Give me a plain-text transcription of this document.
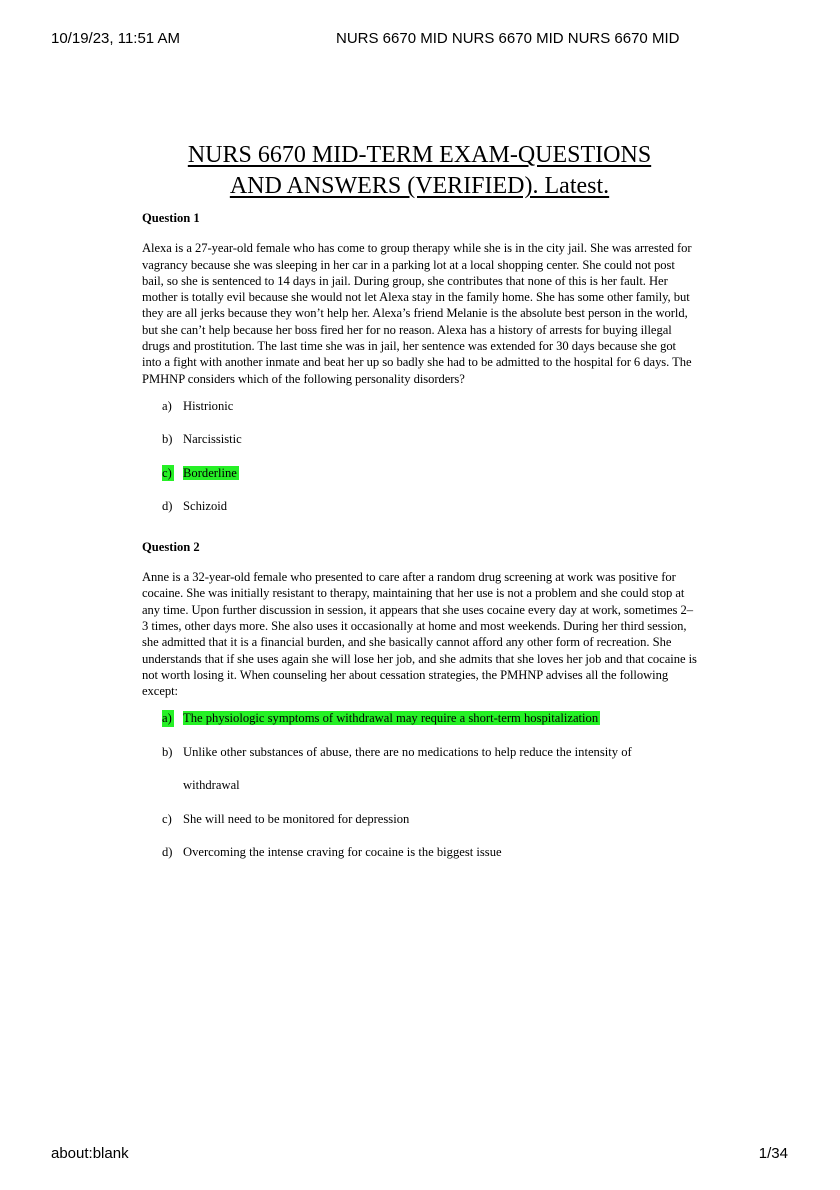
10/19/23, 11:51 AM	NURS 6670 MID NURS 6670 MID NURS 6670 MID
NURS 6670 MID-TERM EXAM-QUESTIONS
AND ANSWERS (VERIFIED). Latest.
Question 1
Alexa is a 27-year-old female who has come to group therapy while she is in the city jail. She was arrested for vagrancy because she was sleeping in her car in a parking lot at a local shopping center. She could not post bail, so she is sentenced to 14 days in jail. During group, she contributes that none of this is her fault. Her mother is totally evil because she would not let Alexa stay in the family home. She has some other family, but they are all jerks because they won’t help her. Alexa’s friend Melanie is the absolute best person in the world, but she can’t help because her boss fired her for no reason. Alexa has a history of arrests for buying illegal drugs and prostitution. The last time she was in jail, her sentence was extended for 30 days because she got into a fight with another inmate and beat her up so badly she had to be admitted to the hospital for 6 days. The PMHNP considers which of the following personality disorders?
a) Histrionic
b) Narcissistic
c) Borderline
d) Schizoid
Question 2
Anne is a 32-year-old female who presented to care after a random drug screening at work was positive for cocaine. She was initially resistant to therapy, maintaining that her use is not a problem and she could stop at any time. Upon further discussion in session, it appears that she uses cocaine every day at work, sometimes 2–3 times, other days more. She also uses it occasionally at home and most weekends. During her third session, she admitted that it is a financial burden, and she basically cannot afford any other form of recreation. She understands that if she uses again she will lose her job, and she admits that she loves her job and that cocaine is not worth losing it. When counseling her about cessation strategies, the PMHNP advises all the following except:
a) The physiologic symptoms of withdrawal may require a short-term hospitalization
b) Unlike other substances of abuse, there are no medications to help reduce the intensity of
withdrawal
c) She will need to be monitored for depression
d) Overcoming the intense craving for cocaine is the biggest issue
about:blank	1/34
